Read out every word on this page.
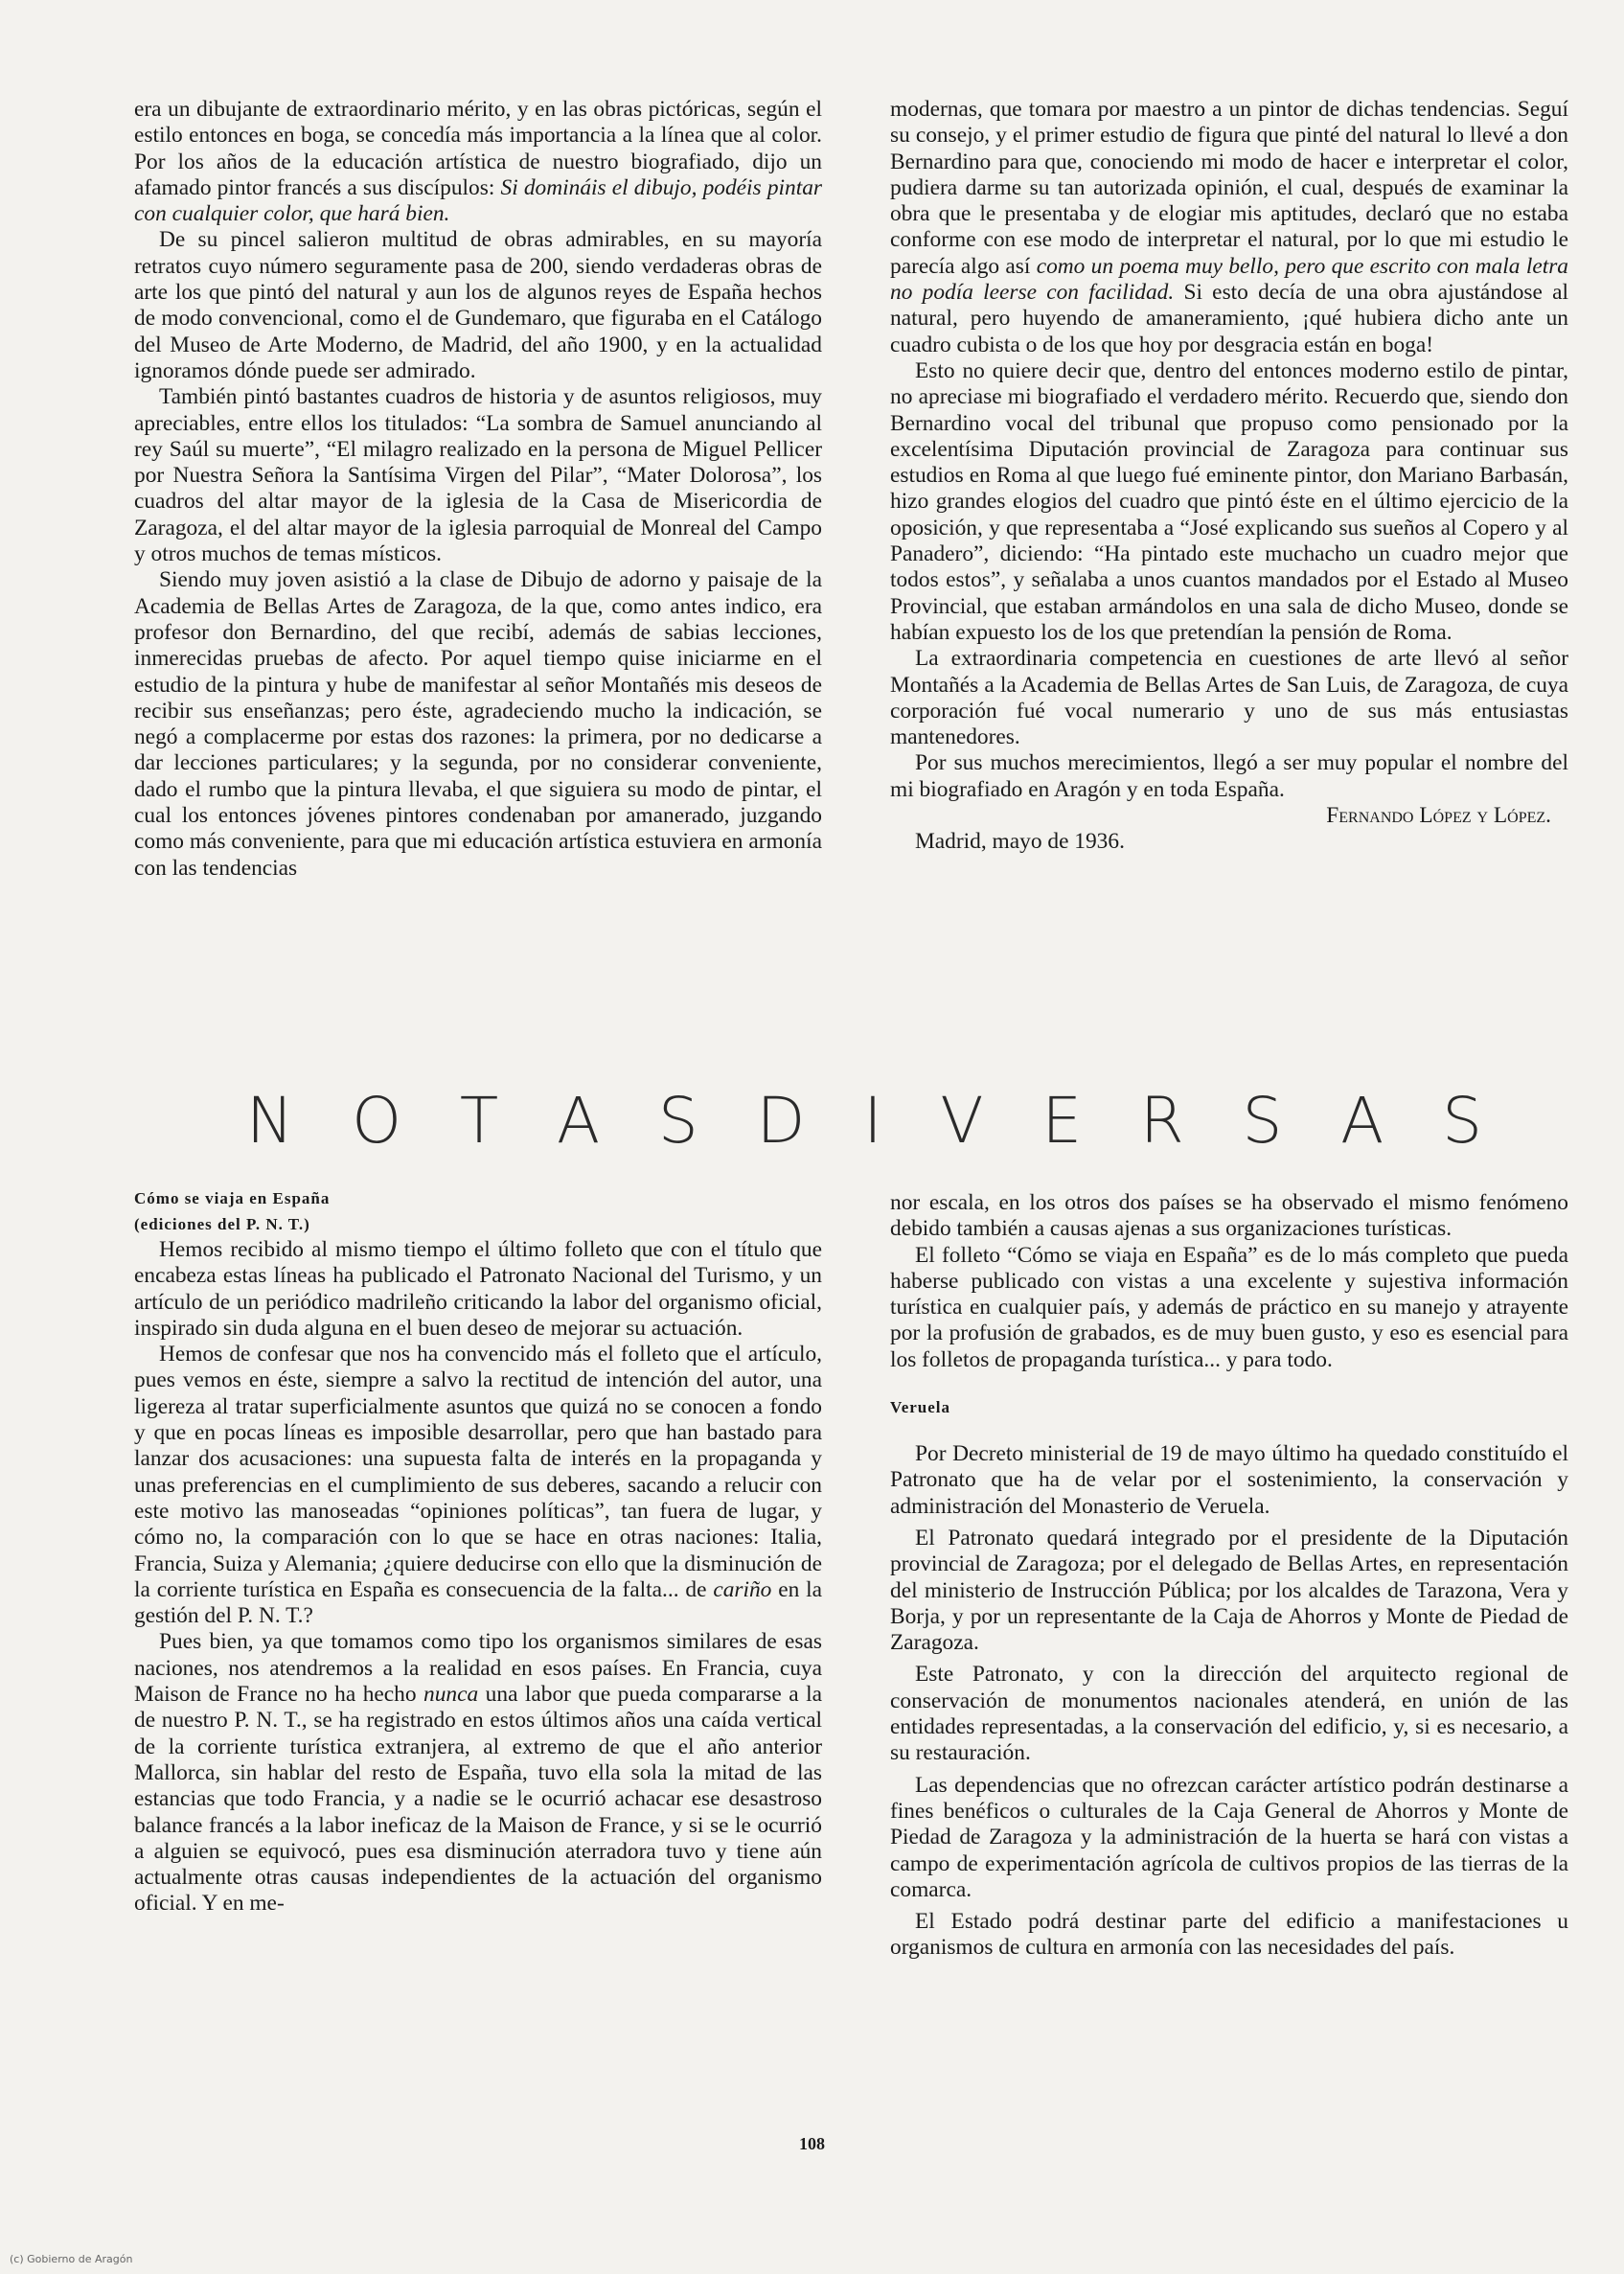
era un dibujante de extraordinario mérito, y en las obras pictóricas, según el estilo entonces en boga, se concedía más importancia a la línea que al color. Por los años de la educación artística de nuestro biografiado, dijo un afamado pintor francés a sus discípulos: Si domináis el dibujo, podéis pintar con cualquier color, que hará bien.

De su pincel salieron multitud de obras admirables, en su mayoría retratos cuyo número seguramente pasa de 200, siendo verdaderas obras de arte los que pintó del natural y aun los de algunos reyes de España hechos de modo convencional, como el de Gundemaro, que figuraba en el Catálogo del Museo de Arte Moderno, de Madrid, del año 1900, y en la actualidad ignoramos dónde puede ser admirado.

También pintó bastantes cuadros de historia y de asuntos religiosos, muy apreciables, entre ellos los titulados: “La sombra de Samuel anunciando al rey Saúl su muerte”, “El milagro realizado en la persona de Miguel Pellicer por Nuestra Señora la Santísima Virgen del Pilar”, “Mater Dolorosa”, los cuadros del altar mayor de la iglesia de la Casa de Misericordia de Zaragoza, el del altar mayor de la iglesia parroquial de Monreal del Campo y otros muchos de temas místicos.

Siendo muy joven asistió a la clase de Dibujo de adorno y paisaje de la Academia de Bellas Artes de Zaragoza, de la que, como antes indico, era profesor don Bernardino, del que recibí, además de sabias lecciones, inmerecidas pruebas de afecto. Por aquel tiempo quise iniciarme en el estudio de la pintura y hube de manifestar al señor Montañés mis deseos de recibir sus enseñanzas; pero éste, agradeciendo mucho la indicación, se negó a complacerme por estas dos razones: la primera, por no dedicarse a dar lecciones particulares; y la segunda, por no considerar conveniente, dado el rumbo que la pintura llevaba, el que siguiera su modo de pintar, el cual los entonces jóvenes pintores condenaban por amanerado, juzgando como más conveniente, para que mi educación artística estuviera en armonía con las tendencias

modernas, que tomara por maestro a un pintor de dichas tendencias. Seguí su consejo, y el primer estudio de figura que pinté del natural lo llevé a don Bernardino para que, conociendo mi modo de hacer e interpretar el color, pudiera darme su tan autorizada opinión, el cual, después de examinar la obra que le presentaba y de elogiar mis aptitudes, declaró que no estaba conforme con ese modo de interpretar el natural, por lo que mi estudio le parecía algo así como un poema muy bello, pero que escrito con mala letra no podía leerse con facilidad. Si esto decía de una obra ajustándose al natural, pero huyendo de amaneramiento, ¡qué hubiera dicho ante un cuadro cubista o de los que hoy por desgracia están en boga!

Esto no quiere decir que, dentro del entonces moderno estilo de pintar, no apreciase mi biografiado el verdadero mérito. Recuerdo que, siendo don Bernardino vocal del tribunal que propuso como pensionado por la excelentísima Diputación provincial de Zaragoza para continuar sus estudios en Roma al que luego fué eminente pintor, don Mariano Barbasán, hizo grandes elogios del cuadro que pintó éste en el último ejercicio de la oposición, y que representaba a “José explicando sus sueños al Copero y al Panadero”, diciendo: “Ha pintado este muchacho un cuadro mejor que todos estos”, y señalaba a unos cuantos mandados por el Estado al Museo Provincial, que estaban armándolos en una sala de dicho Museo, donde se habían expuesto los de los que pretendían la pensión de Roma.

La extraordinaria competencia en cuestiones de arte llevó al señor Montañés a la Academia de Bellas Artes de San Luis, de Zaragoza, de cuya corporación fué vocal numerario y uno de sus más entusiastas mantenedores.

Por sus muchos merecimientos, llegó a ser muy popular el nombre del mi biografiado en Aragón y en toda España.

Fernando López y López.

Madrid, mayo de 1936.

N O T A S D I V E R S A S

Cómo se viaja en España

(ediciones del P. N. T.)

Hemos recibido al mismo tiempo el último folleto que con el título que encabeza estas líneas ha publicado el Patronato Nacional del Turismo, y un artículo de un periódico madrileño criticando la labor del organismo oficial, inspirado sin duda alguna en el buen deseo de mejorar su actuación.

Hemos de confesar que nos ha convencido más el folleto que el artículo, pues vemos en éste, siempre a salvo la rectitud de intención del autor, una ligereza al tratar superficialmente asuntos que quizá no se conocen a fondo y que en pocas líneas es imposible desarrollar, pero que han bastado para lanzar dos acusaciones: una supuesta falta de interés en la propaganda y unas preferencias en el cumplimiento de sus deberes, sacando a relucir con este motivo las manoseadas “opiniones políticas”, tan fuera de lugar, y cómo no, la comparación con lo que se hace en otras naciones: Italia, Francia, Suiza y Alemania; ¿quiere deducirse con ello que la disminución de la corriente turística en España es consecuencia de la falta... de cariño en la gestión del P. N. T.?

Pues bien, ya que tomamos como tipo los organismos similares de esas naciones, nos atendremos a la realidad en esos países. En Francia, cuya Maison de France no ha hecho nunca una labor que pueda compararse a la de nuestro P. N. T., se ha registrado en estos últimos años una caída vertical de la corriente turística extranjera, al extremo de que el año anterior Mallorca, sin hablar del resto de España, tuvo ella sola la mitad de las estancias que todo Francia, y a nadie se le ocurrió achacar ese desastroso balance francés a la labor ineficaz de la Maison de France, y si se le ocurrió a alguien se equivocó, pues esa disminución aterradora tuvo y tiene aún actualmente otras causas independientes de la actuación del organismo oficial. Y en me-

nor escala, en los otros dos países se ha observado el mismo fenómeno debido también a causas ajenas a sus organizaciones turísticas.

El folleto “Cómo se viaja en España” es de lo más completo que pueda haberse publicado con vistas a una excelente y sujestiva información turística en cualquier país, y además de práctico en su manejo y atrayente por la profusión de grabados, es de muy buen gusto, y eso es esencial para los folletos de propaganda turística... y para todo.

Veruela

Por Decreto ministerial de 19 de mayo último ha quedado constituído el Patronato que ha de velar por el sostenimiento, la conservación y administración del Monasterio de Veruela.

El Patronato quedará integrado por el presidente de la Diputación provincial de Zaragoza; por el delegado de Bellas Artes, en representación del ministerio de Instrucción Pública; por los alcaldes de Tarazona, Vera y Borja, y por un representante de la Caja de Ahorros y Monte de Piedad de Zaragoza.

Este Patronato, y con la dirección del arquitecto regional de conservación de monumentos nacionales atenderá, en unión de las entidades representadas, a la conservación del edificio, y, si es necesario, a su restauración.

Las dependencias que no ofrezcan carácter artístico podrán destinarse a fines benéficos o culturales de la Caja General de Ahorros y Monte de Piedad de Zaragoza y la administración de la huerta se hará con vistas a campo de experimentación agrícola de cultivos propios de las tierras de la comarca.

El Estado podrá destinar parte del edificio a manifestaciones u organismos de cultura en armonía con las necesidades del país.

108
(c) Gobierno de Aragón
